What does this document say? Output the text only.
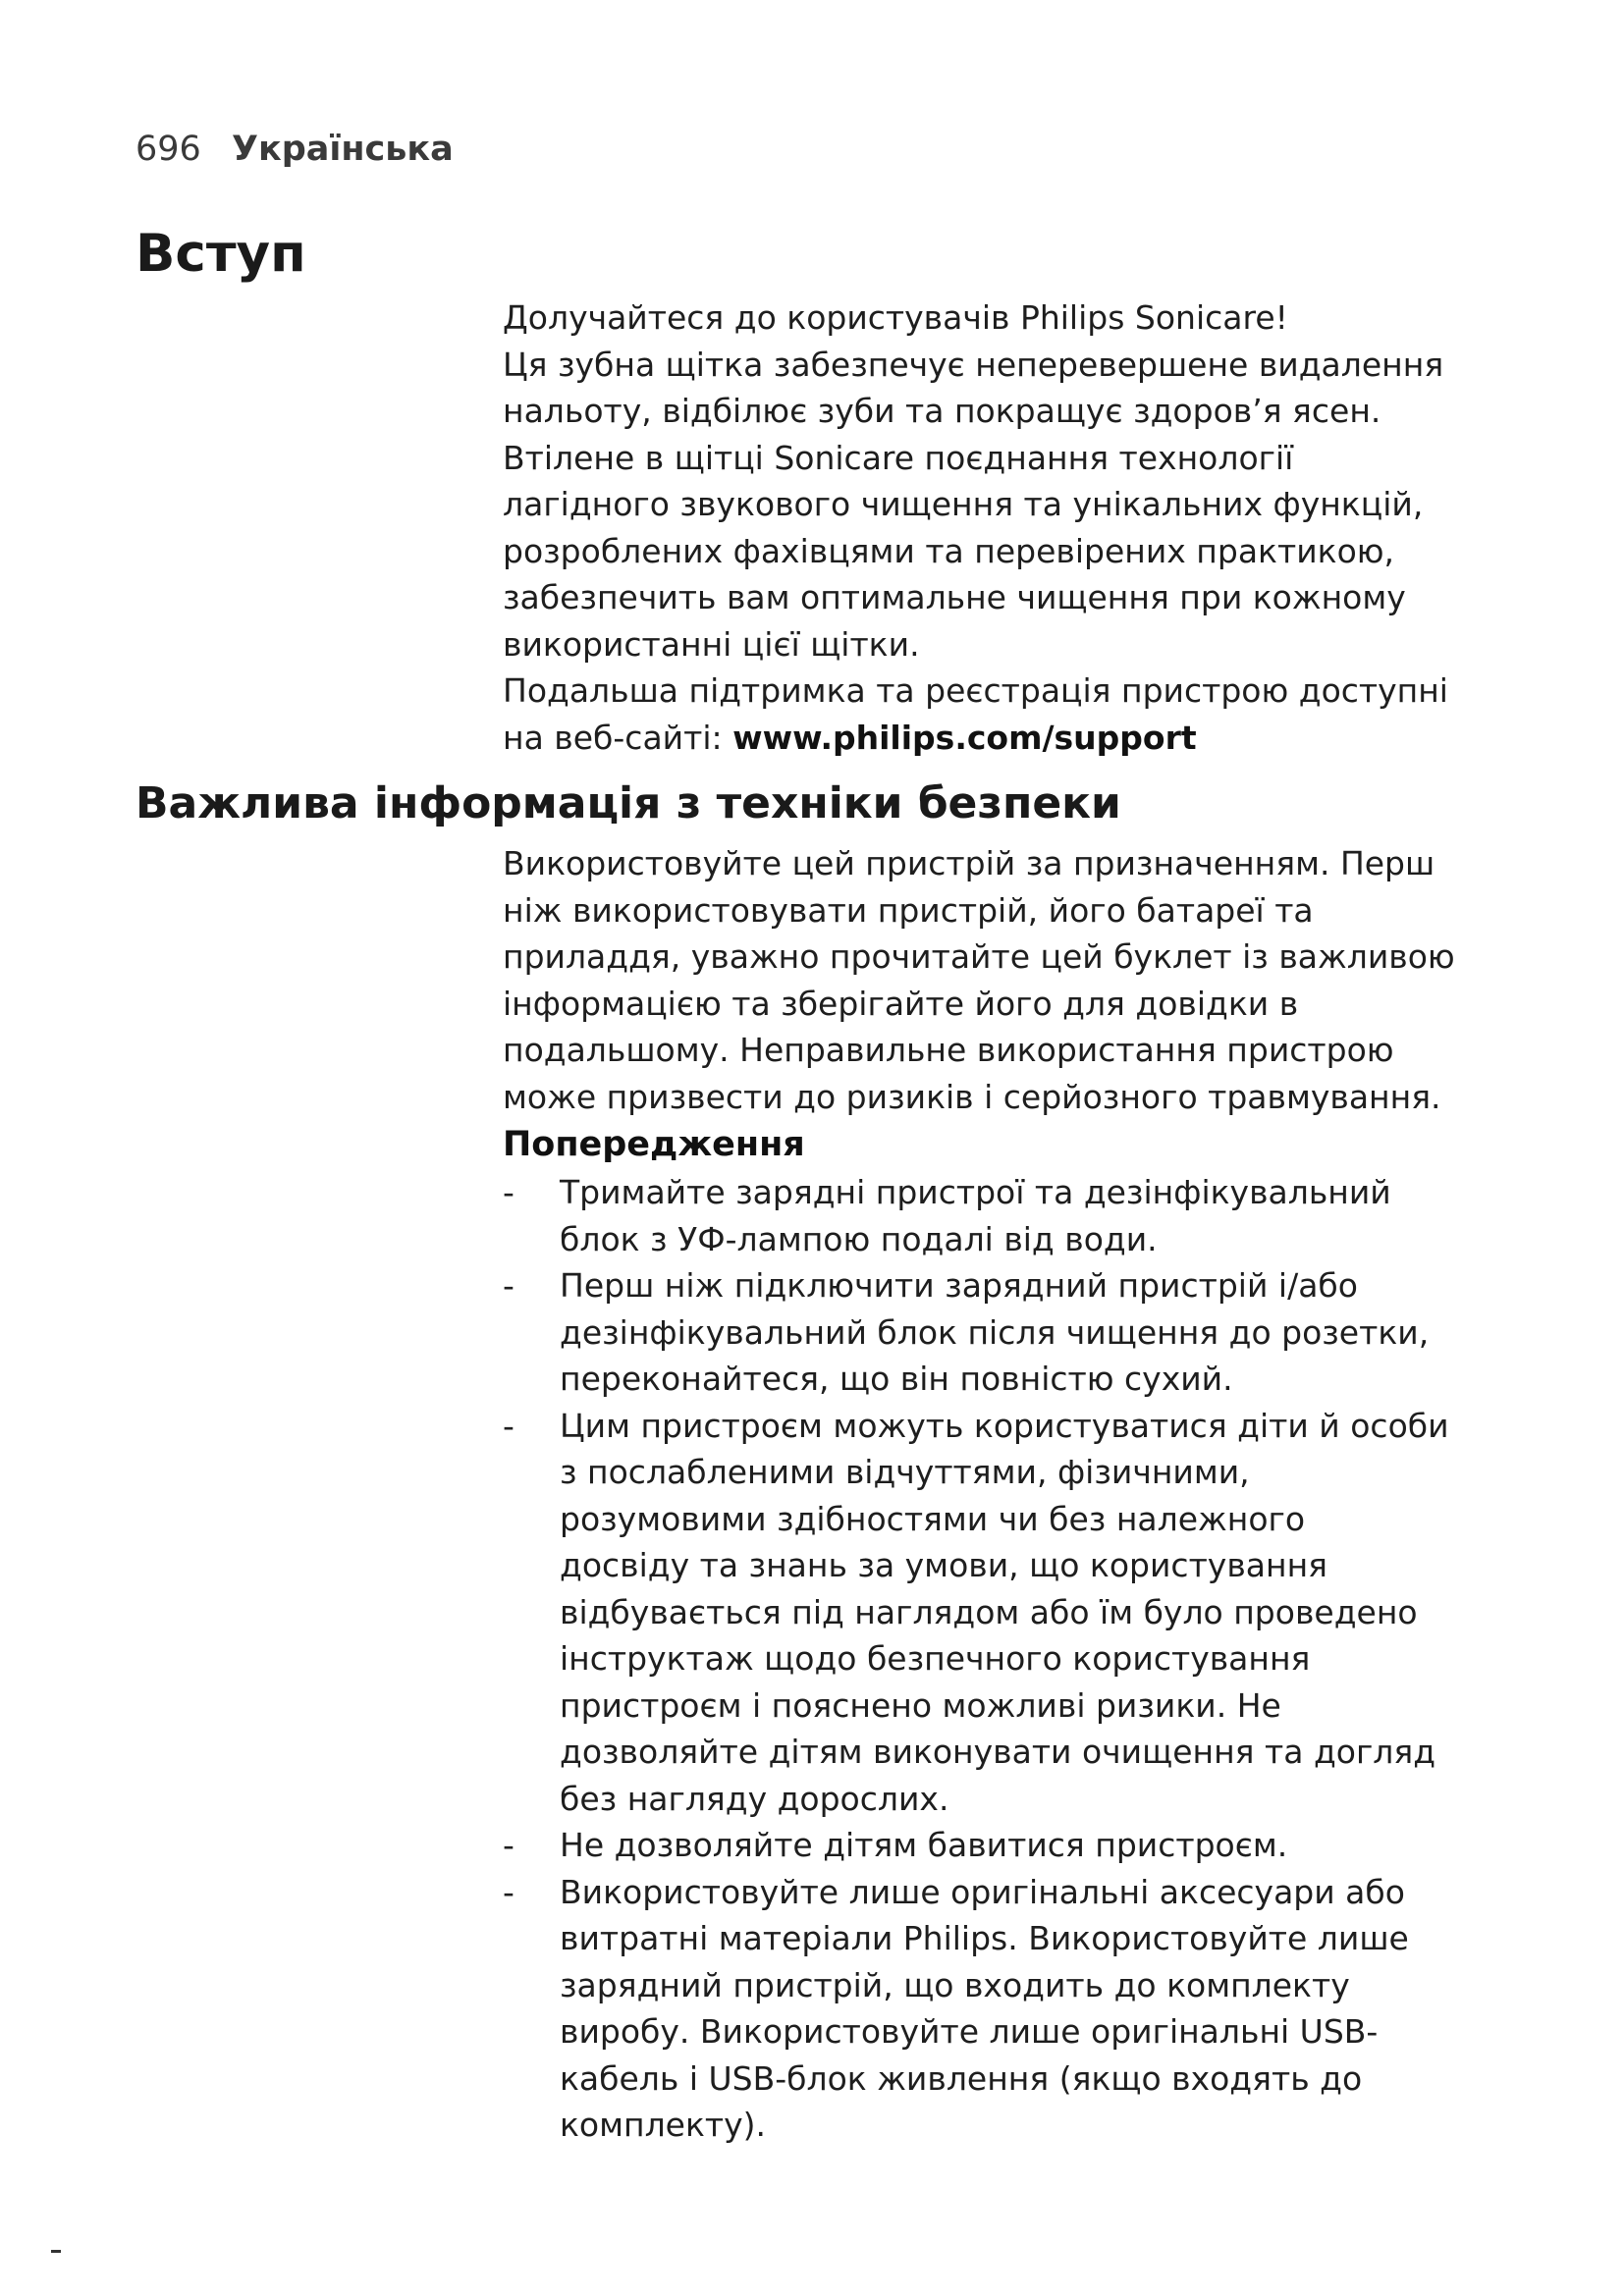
696 Українська
Вступ

Долучайтеся до користувачів Philips Sonicare!

Ця зубна щітка забезпечує неперевершене видалення

нальоту, відбілює зуби та покращує здоров’я ясен.

Втілене в щітці Sonicare поєднання технології

лагідного звукового чищення та унікальних функцій,

розроблених фахівцями та перевірених практикою,

забезпечить вам оптимальне чищення при кожному

використанні цієї щітки.

Подальша підтримка та реєстрація пристрою доступні

на веб-сайті: www.philips.com/support

Важлива інформація з техніки безпеки

Використовуйте цей пристрій за призначенням. Перш

ніж використовувати пристрій, його батареї та

приладдя, уважно прочитайте цей буклет із важливою

інформацією та зберігайте його для довідки в

подальшому. Неправильне використання пристрою

може призвести до ризиків і серйозного травмування.

Попередження
- Тримайте зарядні пристрої та дезінфікувальний
блок з УФ-лампою подалі від води.
- Перш ніж підключити зарядний пристрій і/або
дезінфікувальний блок після чищення до розетки,
переконайтеся, що він повністю сухий.
- Цим пристроєм можуть користуватися діти й особи
з послабленими відчуттями, фізичними,
розумовими здібностями чи без належного
досвіду та знань за умови, що користування
відбувається під наглядом або їм було проведено
інструктаж щодо безпечного користування
пристроєм і пояснено можливі ризики. Не
дозволяйте дітям виконувати очищення та догляд
без нагляду дорослих.
- Не дозволяйте дітям бавитися пристроєм.
- Використовуйте лише оригінальні аксесуари або
витратні матеріали Philips. Використовуйте лише
зарядний пристрій, що входить до комплекту
виробу. Використовуйте лише оригінальні USB-
кабель і USB-блок живлення (якщо входять до
комплекту).
